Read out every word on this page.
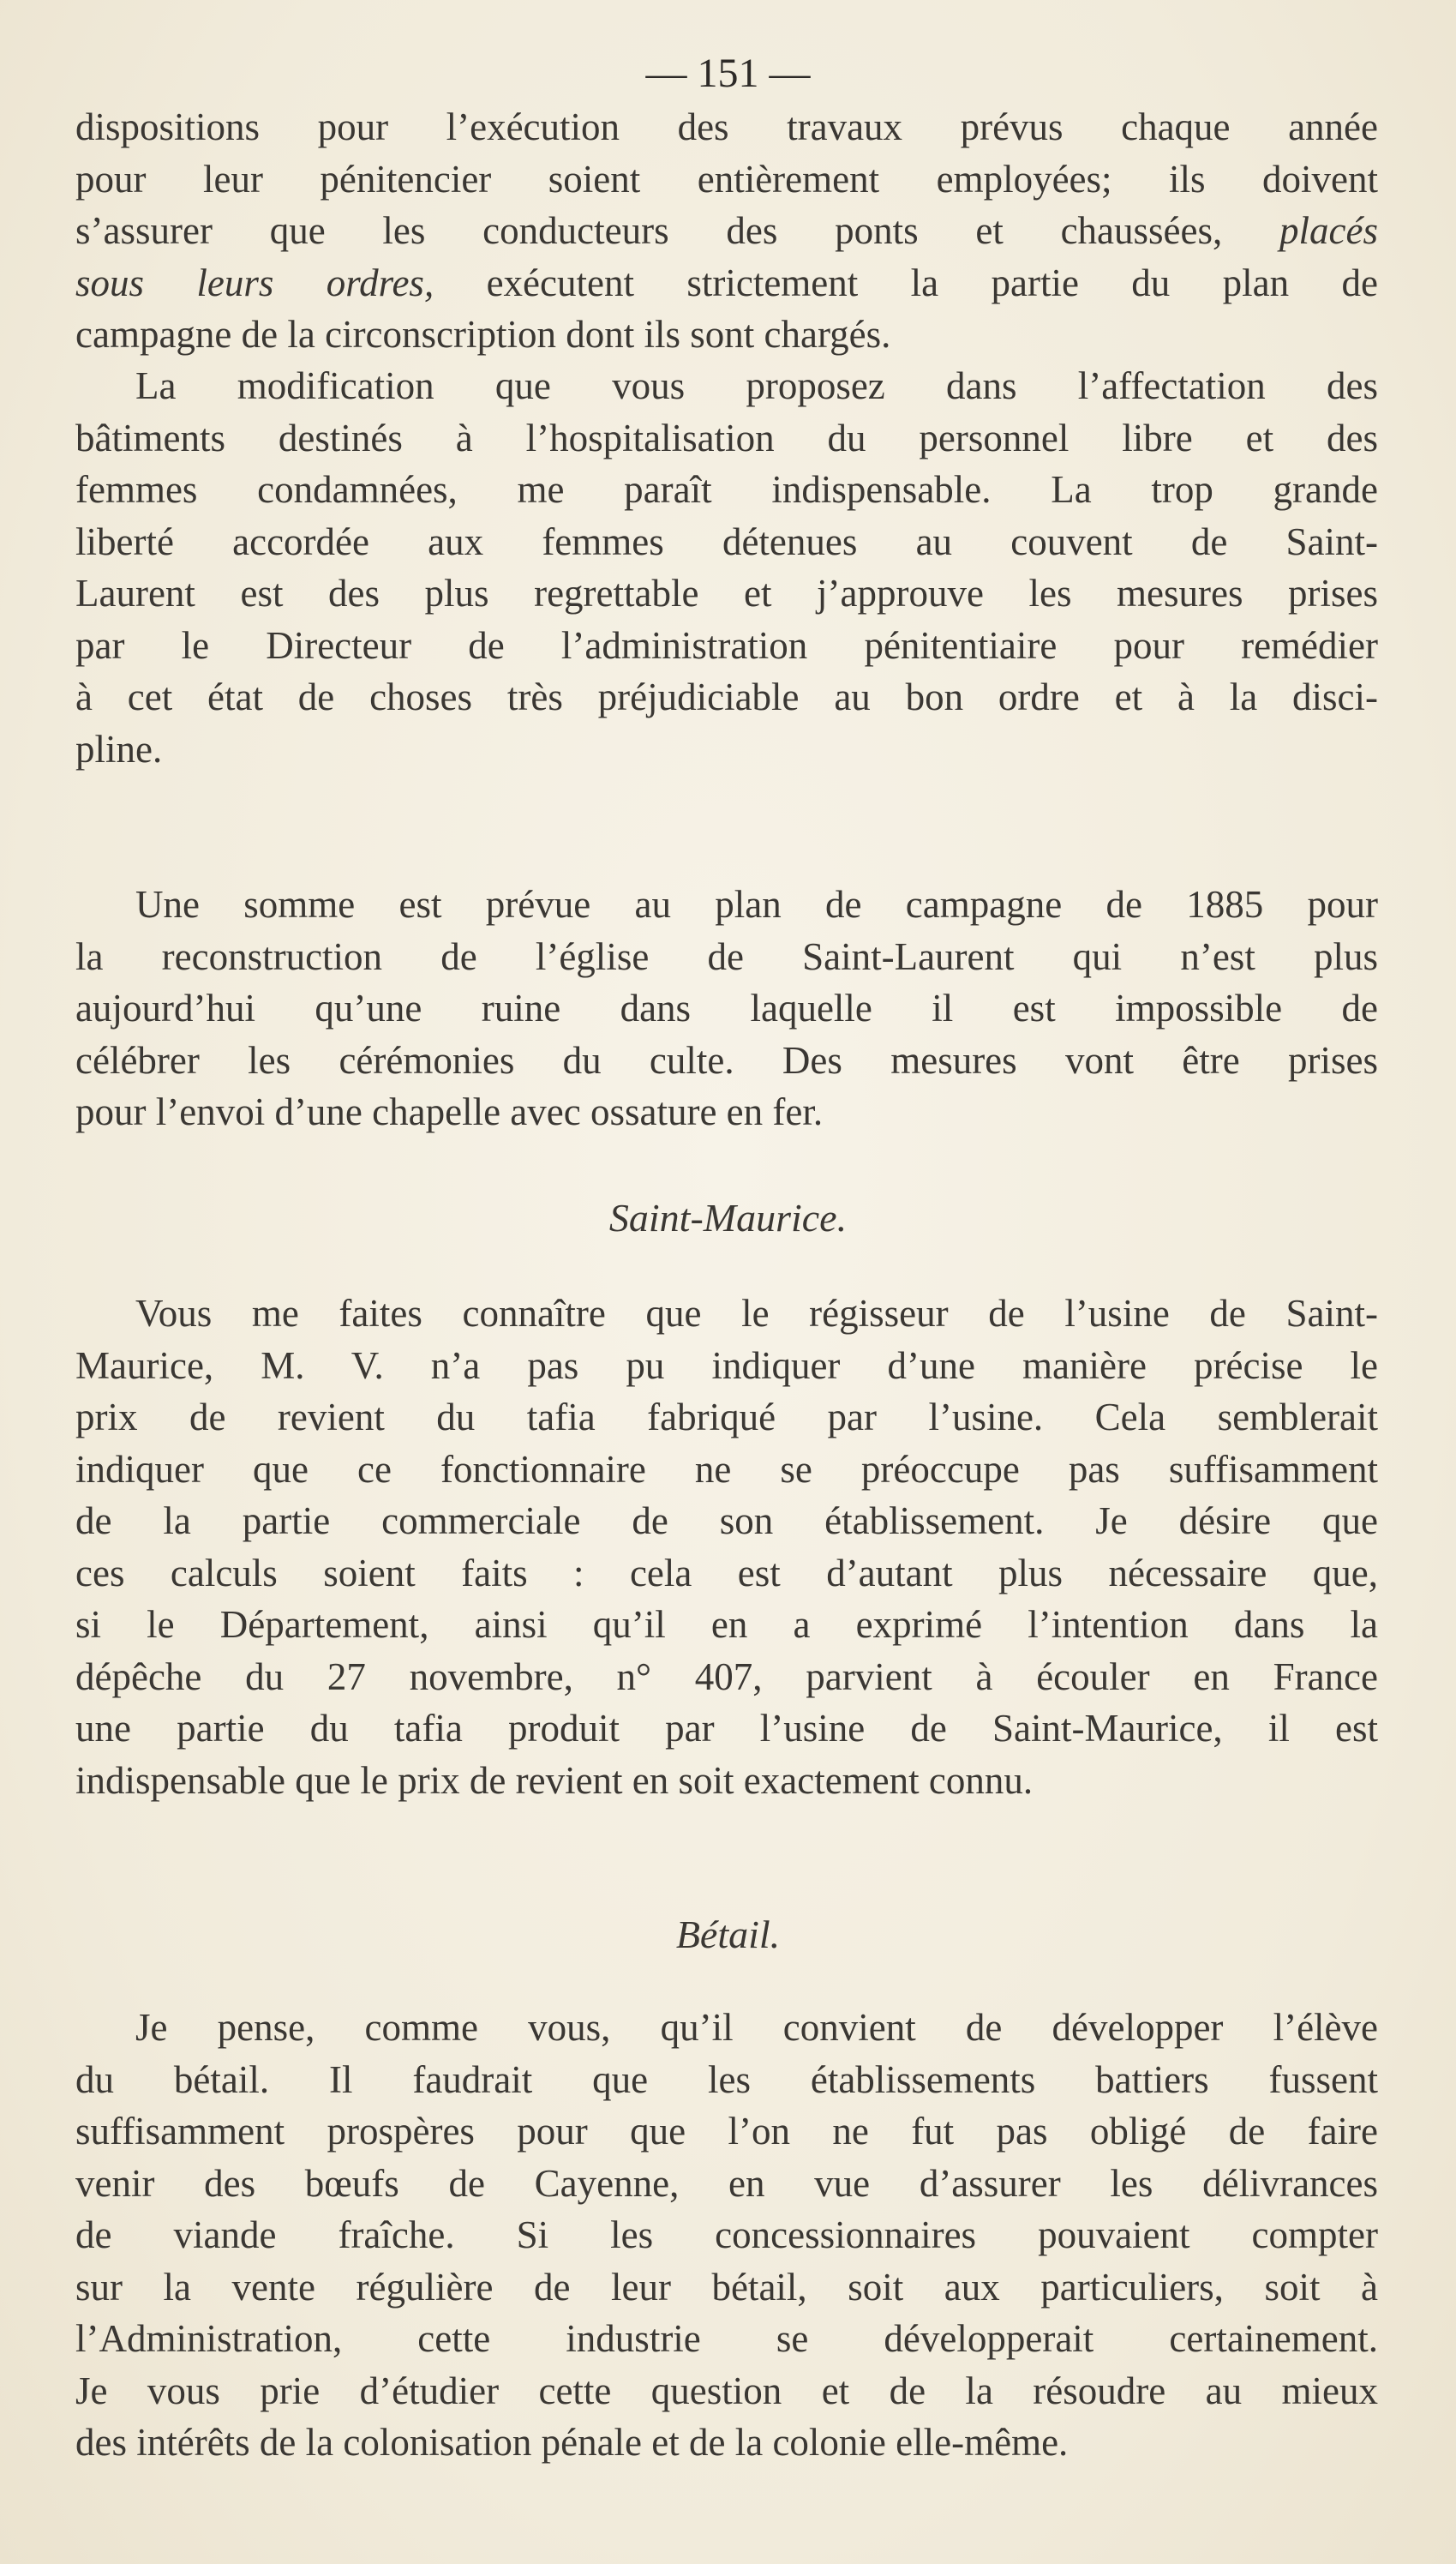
— 151 —
dispositions pour l’exécution des travaux prévus chaque année
pour leur pénitencier soient entièrement employées; ils doivent
s’assurer que les conducteurs des ponts et chaussées, placés
sous leurs ordres, exécutent strictement la partie du plan de
campagne de la circonscription dont ils sont chargés.
La modification que vous proposez dans l’affectation des
bâtiments destinés à l’hospitalisation du personnel libre et des
femmes condamnées, me paraît indispensable. La trop grande
liberté accordée aux femmes détenues au couvent de Saint-
Laurent est des plus regrettable et j’approuve les mesures prises
par le Directeur de l’administration pénitentiaire pour remédier
à cet état de choses très préjudiciable au bon ordre et à la disci-
pline.
Une somme est prévue au plan de campagne de 1885 pour
la reconstruction de l’église de Saint-Laurent qui n’est plus
aujourd’hui qu’une ruine dans laquelle il est impossible de
célébrer les cérémonies du culte. Des mesures vont être prises
pour l’envoi d’une chapelle avec ossature en fer.
Saint-Maurice.
Vous me faites connaître que le régisseur de l’usine de Saint-
Maurice, M. V. n’a pas pu indiquer d’une manière précise le
prix de revient du tafia fabriqué par l’usine. Cela semblerait
indiquer que ce fonctionnaire ne se préoccupe pas suffisamment
de la partie commerciale de son établissement. Je désire que
ces calculs soient faits : cela est d’autant plus nécessaire que,
si le Département, ainsi qu’il en a exprimé l’intention dans la
dépêche du 27 novembre, n° 407, parvient à écouler en France
une partie du tafia produit par l’usine de Saint-Maurice, il est
indispensable que le prix de revient en soit exactement connu.
Bétail.
Je pense, comme vous, qu’il convient de développer l’élève
du bétail. Il faudrait que les établissements battiers fussent
suffisamment prospères pour que l’on ne fut pas obligé de faire
venir des bœufs de Cayenne, en vue d’assurer les délivrances
de viande fraîche. Si les concessionnaires pouvaient compter
sur la vente régulière de leur bétail, soit aux particuliers, soit à
l’Administration, cette industrie se développerait certainement.
Je vous prie d’étudier cette question et de la résoudre au mieux
des intérêts de la colonisation pénale et de la colonie elle-même.
